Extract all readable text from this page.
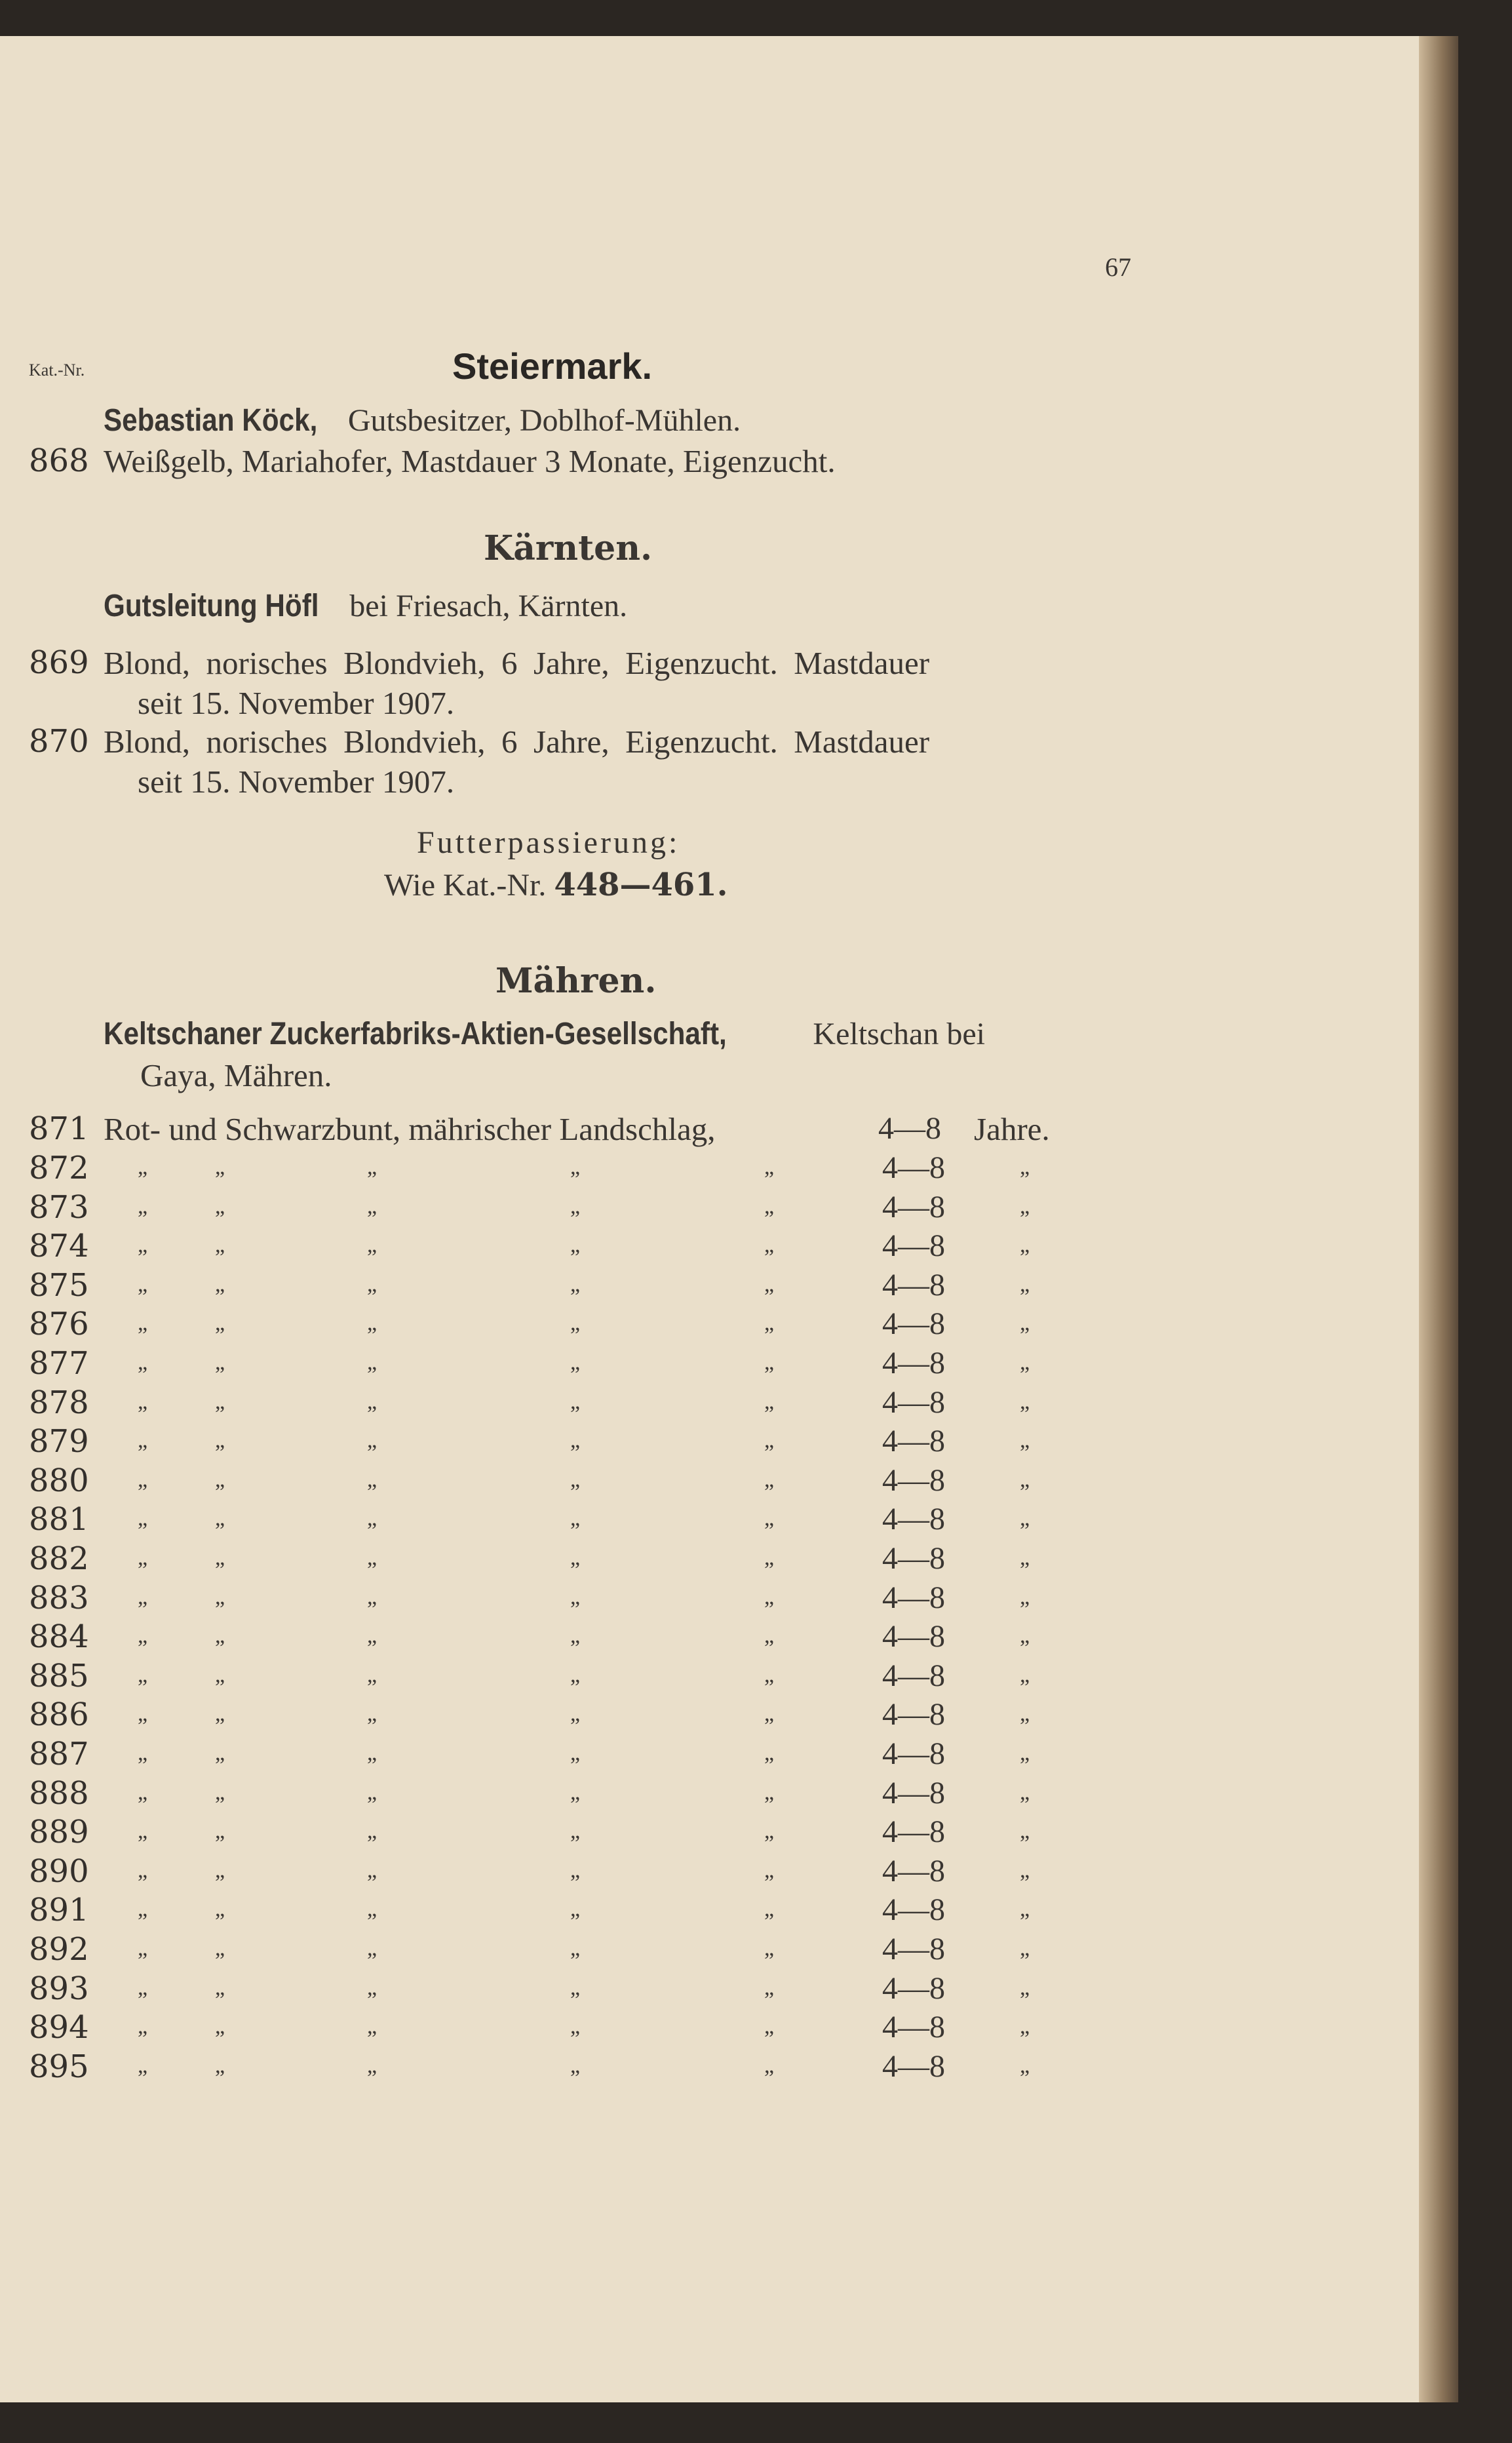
67
Kat.-Nr.	Steiermark.
Sebastian Köck, Gutsbesitzer, Doblhof-Mühlen.
868 Weißgelb, Mariahofer, Mastdauer 3 Monate, Eigenzucht.
Kärnten.
Gutsleitung Höfl bei Friesach, Kärnten.
869 Blond,  norisches  Blondvieh,  6  Jahre,  Eigenzucht.  Mastdauer
seit 15. November 1907.
870 Blond,  norisches  Blondvieh,  6  Jahre,  Eigenzucht.  Mastdauer
seit 15. November 1907.
Futterpassierung:
Wie Kat.-Nr. 448—461.
Mähren.
Keltschaner Zuckerfabriks-Aktien-Gesellschaft, Keltschan bei
Gaya, Mähren.
871 Rot- und Schwarzbunt, mährischer Landschlag,	4—8 Jahre.
872 „	„	„	„	„	4—8	„
873 „	„	„	„	„	4—8	„
874 „	„	„	„	„	4—8	„
875 „	„	„	„	„	4—8	„
876 „	„	„	„	„	4—8	„
877 „	„	„	„	„	4—8	„
878 „	„	„	„	„	4—8	„
879 „	„	„	„	„	4—8	„
880 „	„	„	„	„	4—8	„
881 „	„	„	„	„	4—8	„
882 „	„	„	„	„	4—8	„
883 „	„	„	„	„	4—8	„
884 „	„	„	„	„	4—8	„
885 „	„	„	„	„	4—8	„
886 „	„	„	„	„	4—8	„
887 „	„	„	„	„	4—8	„
888 „	„	„	„	„	4—8	„
889 „	„	„	„	„	4—8	„
890 „	„	„	„	„	4—8	„
891 „	„	„	„	„	4—8	„
892 „	„	„	„	„	4—8	„
893 „	„	„	„	„	4—8	„
894 „	„	„	„	„	4—8	„
895 „	„	„	„	„	4—8	„
